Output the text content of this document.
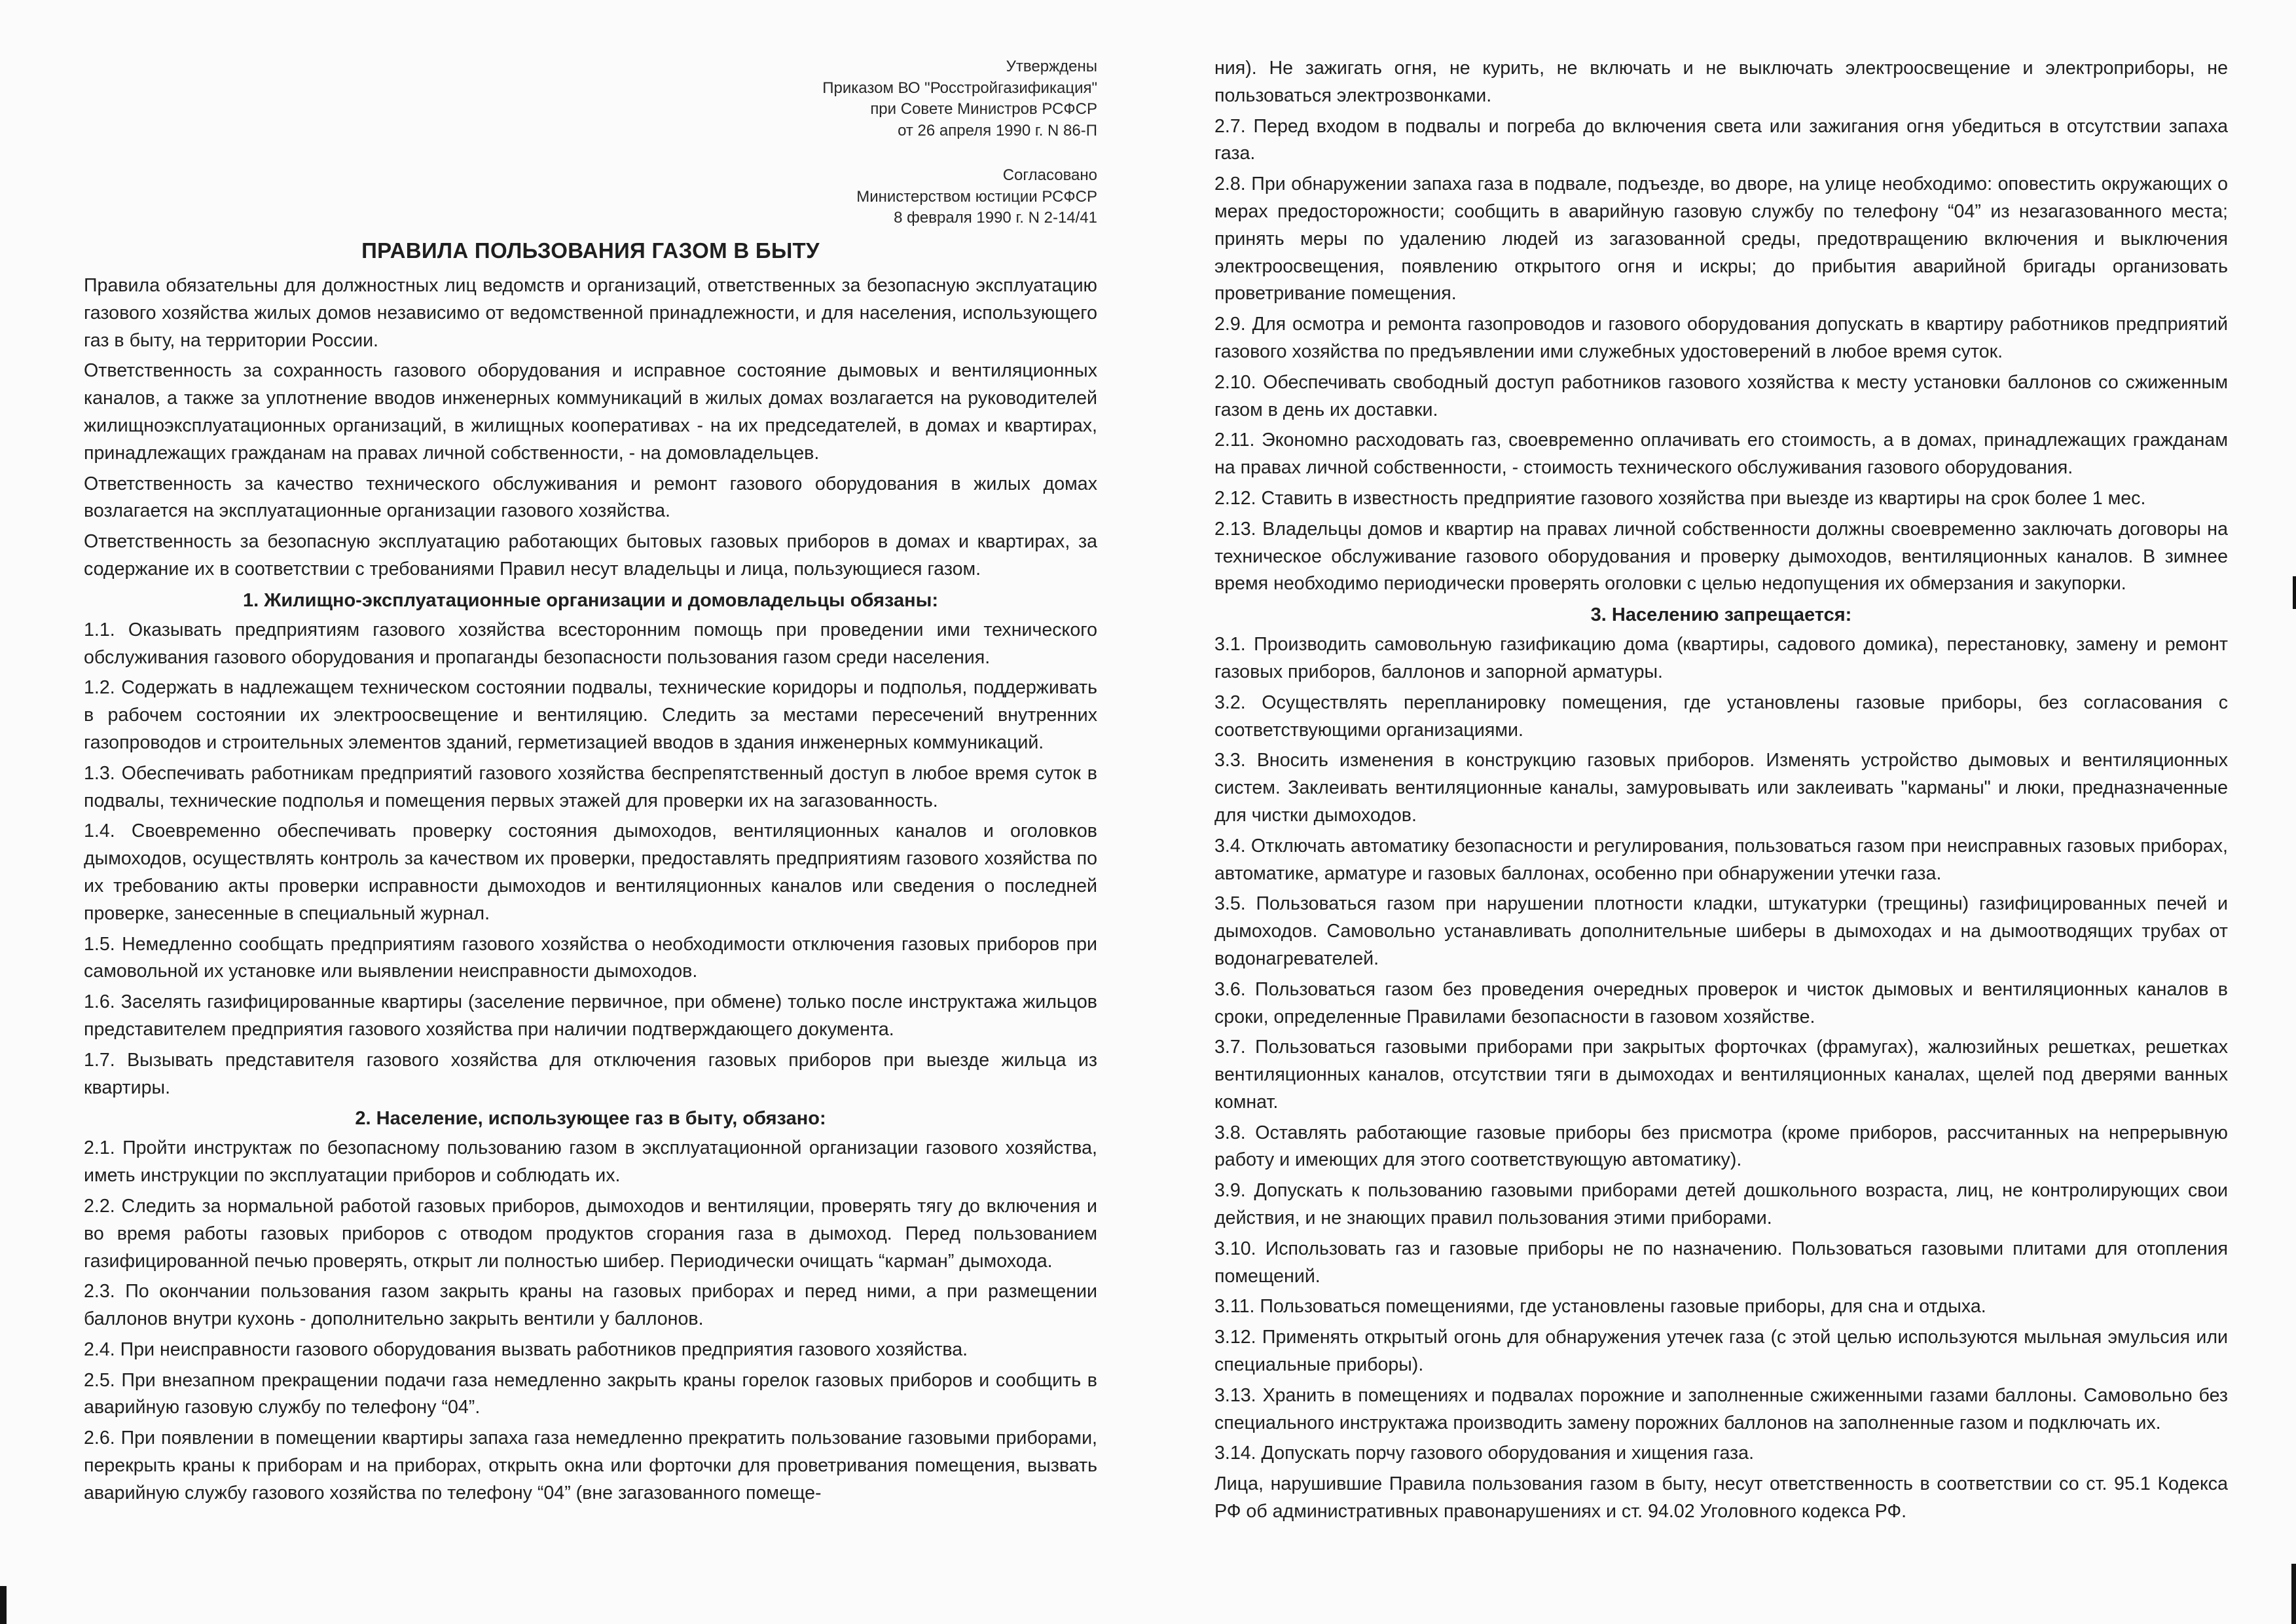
Утверждены
Приказом ВО "Росстройгазификация"
при Совете Министров РСФСР
от 26 апреля 1990 г. N 86-П
Согласовано
Министерством юстиции РСФСР
8 февраля 1990 г. N 2-14/41
ПРАВИЛА ПОЛЬЗОВАНИЯ ГАЗОМ В БЫТУ

Правила обязательны для должностных лиц ведомств и организаций, ответственных за безопасную эксплуатацию газового хозяйства жилых домов независимо от ведомственной принадлежности, и для населения, использующего газ в быту, на территории России.

Ответственность за сохранность газового оборудования и исправное состояние дымовых и вентиляционных каналов, а также за уплотнение вводов инженерных коммуникаций в жилых домах возлагается на руководителей жилищноэксплуатационных организаций, в жилищных кооперативах - на их председателей, в домах и квартирах, принадлежащих гражданам на правах личной собственности, - на домовладельцев.

Ответственность за качество технического обслуживания и ремонт газового оборудования в жилых домах возлагается на эксплуатационные организации газового хозяйства.

Ответственность за безопасную эксплуатацию работающих бытовых газовых приборов в домах и квартирах, за содержание их в соответствии с требованиями Правил несут владельцы и лица, пользующиеся газом.

1. Жилищно-эксплуатационные организации и домовладельцы обязаны:

1.1. Оказывать предприятиям газового хозяйства всесторонним помощь при проведении ими технического обслуживания газового оборудования и пропаганды безопасности пользования газом среди населения.

1.2. Содержать в надлежащем техническом состоянии подвалы, технические коридоры и подполья, поддерживать в рабочем состоянии их электроосвещение и вентиляцию. Следить за местами пересечений внутренних газопроводов и строительных элементов зданий, герметизацией вводов в здания инженерных коммуникаций.

1.3. Обеспечивать работникам предприятий газового хозяйства беспрепятственный доступ в любое время суток в подвалы, технические подполья и помещения первых этажей для проверки их на загазованность.

1.4. Своевременно обеспечивать проверку состояния дымоходов, вентиляционных каналов и оголовков дымоходов, осуществлять контроль за качеством их проверки, предоставлять предприятиям газового хозяйства по их требованию акты проверки исправности дымоходов и вентиляционных каналов или сведения о последней проверке, занесенные в специальный журнал.

1.5. Немедленно сообщать предприятиям газового хозяйства о необходимости отключения газовых приборов при самовольной их установке или выявлении неисправности дымоходов.

1.6. Заселять газифицированные квартиры (заселение первичное, при обмене) только после инструктажа жильцов представителем предприятия газового хозяйства при наличии подтверждающего документа.

1.7. Вызывать представителя газового хозяйства для отключения газовых приборов при выезде жильца из квартиры.

2. Население, использующее газ в быту, обязано:

2.1. Пройти инструктаж по безопасному пользованию газом в эксплуатационной организации газового хозяйства, иметь инструкции по эксплуатации приборов и соблюдать их.

2.2. Следить за нормальной работой газовых приборов, дымоходов и вентиляции, проверять тягу до включения и во время работы газовых приборов с отводом продуктов сгорания газа в дымоход. Перед пользованием газифицированной печью проверять, открыт ли полностью шибер. Периодически очищать “карман” дымохода.

2.3. По окончании пользования газом закрыть краны на газовых приборах и перед ними, а при размещении баллонов внутри кухонь - дополнительно закрыть вентили у баллонов.

2.4. При неисправности газового оборудования вызвать работников предприятия газового хозяйства.

2.5. При внезапном прекращении подачи газа немедленно закрыть краны горелок газовых приборов и сообщить в аварийную газовую службу по телефону “04”.

2.6. При появлении в помещении квартиры запаха газа немедленно прекратить пользование газовыми приборами, перекрыть краны к приборам и на приборах, открыть окна или форточки для проветривания помещения, вызвать аварийную службу газового хозяйства по телефону “04” (вне загазованного помеще-

ния). Не зажигать огня, не курить, не включать и не выключать электроосвещение и электроприборы, не пользоваться электрозвонками.

2.7. Перед входом в подвалы и погреба до включения света или зажигания огня убедиться в отсутствии запаха газа.

2.8. При обнаружении запаха газа в подвале, подъезде, во дворе, на улице необходимо: оповестить окружающих о мерах предосторожности; сообщить в аварийную газовую службу по телефону “04” из незагазованного места; принять меры по удалению людей из загазованной среды, предотвращению включения и выключения электроосвещения, появлению открытого огня и искры; до прибытия аварийной бригады организовать проветривание помещения.

2.9. Для осмотра и ремонта газопроводов и газового оборудования допускать в квартиру работников предприятий газового хозяйства по предъявлении ими служебных удостоверений в любое время суток.

2.10. Обеспечивать свободный доступ работников газового хозяйства к месту установки баллонов со сжиженным газом в день их доставки.

2.11. Экономно расходовать газ, своевременно оплачивать его стоимость, а в домах, принадлежащих гражданам на правах личной собственности, - стоимость технического обслуживания газового оборудования.

2.12. Ставить в известность предприятие газового хозяйства при выезде из квартиры на срок более 1 мес.

2.13. Владельцы домов и квартир на правах личной собственности должны своевременно заключать договоры на техническое обслуживание газового оборудования и проверку дымоходов, вентиляционных каналов. В зимнее время необходимо периодически проверять оголовки с целью недопущения их обмерзания и закупорки.

3. Населению запрещается:

3.1. Производить самовольную газификацию дома (квартиры, садового домика), перестановку, замену и ремонт газовых приборов, баллонов и запорной арматуры.

3.2. Осуществлять перепланировку помещения, где установлены газовые приборы, без согласования с соответствующими организациями.

3.3. Вносить изменения в конструкцию газовых приборов. Изменять устройство дымовых и вентиляционных систем. Заклеивать вентиляционные каналы, замуровывать или заклеивать "карманы" и люки, предназначенные для чистки дымоходов.

3.4. Отключать автоматику безопасности и регулирования, пользоваться газом при неисправных газовых приборах, автоматике, арматуре и газовых баллонах, особенно при обнаружении утечки газа.

3.5. Пользоваться газом при нарушении плотности кладки, штукатурки (трещины) газифицированных печей и дымоходов. Самовольно устанавливать дополнительные шиберы в дымоходах и на дымоотводящих трубах от водонагревателей.

3.6. Пользоваться газом без проведения очередных проверок и чисток дымовых и вентиляционных каналов в сроки, определенные Правилами безопасности в газовом хозяйстве.

3.7. Пользоваться газовыми приборами при закрытых форточках (фрамугах), жалюзийных решетках, решетках вентиляционных каналов, отсутствии тяги в дымоходах и вентиляционных каналах, щелей под дверями ванных комнат.

3.8. Оставлять работающие газовые приборы без присмотра (кроме приборов, рассчитанных на непрерывную работу и имеющих для этого соответствующую автоматику).

3.9. Допускать к пользованию газовыми приборами детей дошкольного возраста, лиц, не контролирующих свои действия, и не знающих правил пользования этими приборами.

3.10. Использовать газ и газовые приборы не по назначению. Пользоваться газовыми плитами для отопления помещений.

3.11. Пользоваться помещениями, где установлены газовые приборы, для сна и отдыха.

3.12. Применять открытый огонь для обнаружения утечек газа (с этой целью используются мыльная эмульсия или специальные приборы).

3.13. Хранить в помещениях и подвалах порожние и заполненные сжиженными газами баллоны. Самовольно без специального инструктажа производить замену порожних баллонов на заполненные газом и подключать их.

3.14. Допускать порчу газового оборудования и хищения газа.

Лица, нарушившие Правила пользования газом в быту, несут ответственность в соответствии со ст. 95.1 Кодекса РФ об административных правонарушениях и ст. 94.02 Уголовного кодекса РФ.
